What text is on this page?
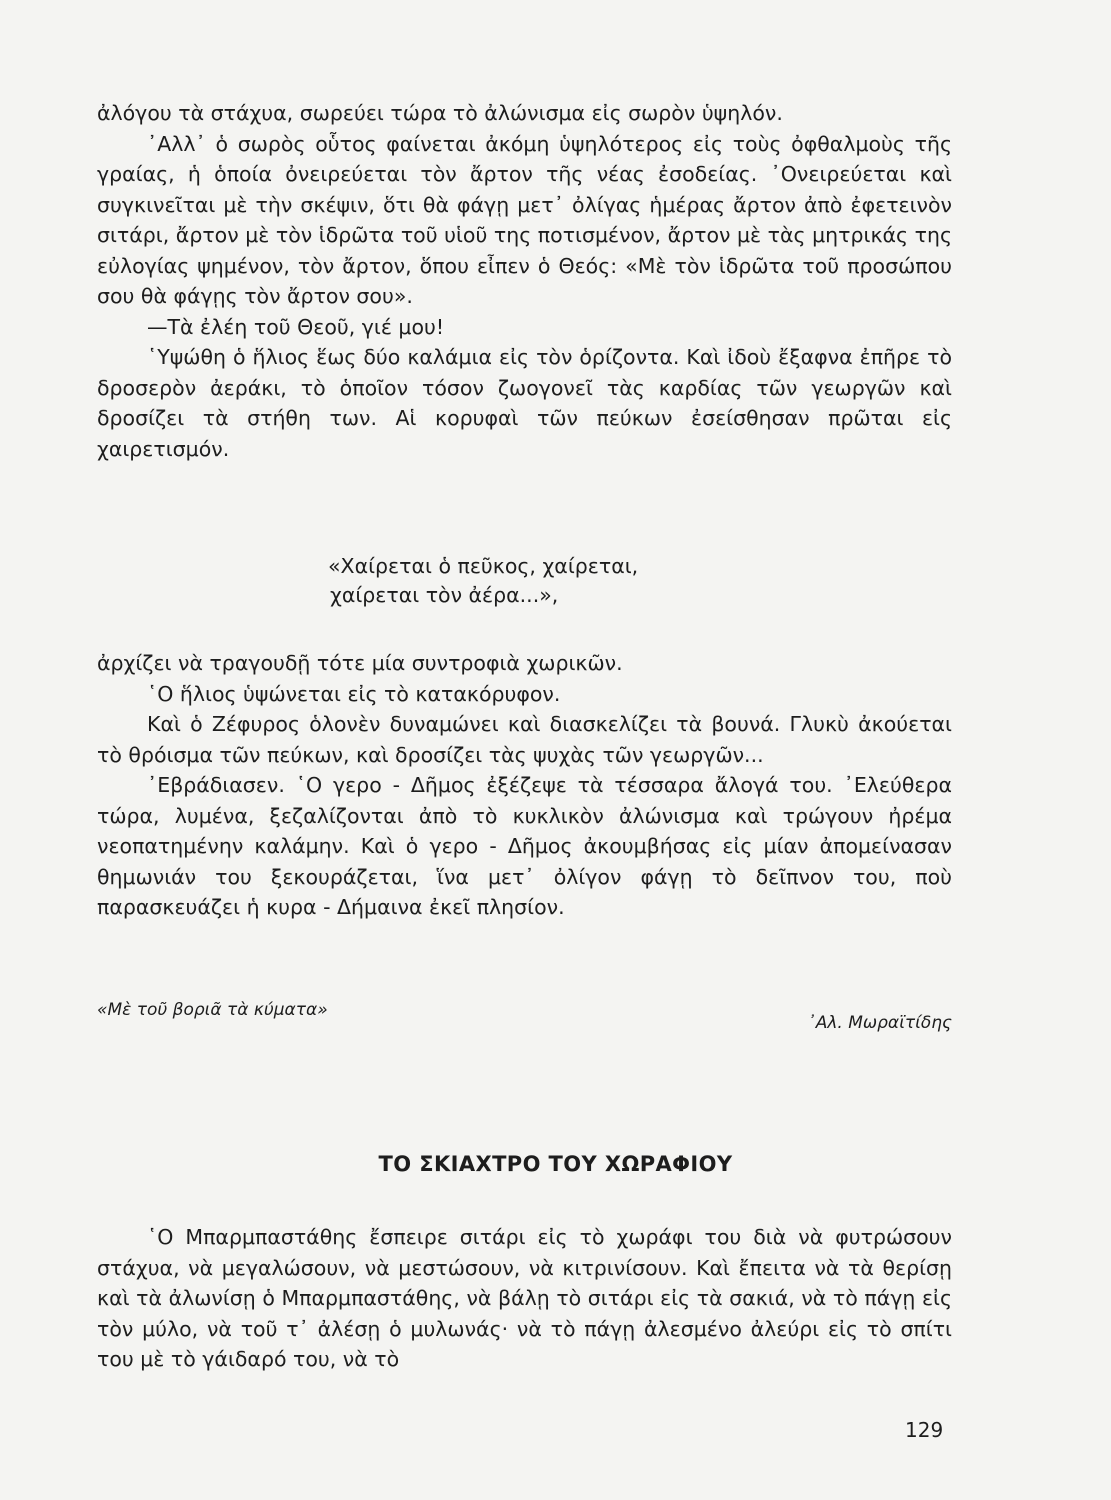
ἀλόγου τὰ στάχυα, σωρεύει τώρα τὸ ἀλώνισμα εἰς σωρὸν ὑψηλόν.

᾿Αλλ᾿ ὁ σωρὸς οὗτος φαίνεται ἀκόμη ὑψηλότερος εἰς τοὺς ὀφθαλμοὺς τῆς γραίας, ἡ ὁποία ὀνειρεύεται τὸν ἄρτον τῆς νέας ἐσοδείας. ᾿Ονειρεύεται καὶ συγκινεῖται μὲ τὴν σκέψιν, ὅτι θὰ φάγῃ μετ᾿ ὀλίγας ἡμέρας ἄρτον ἀπὸ ἐφετεινὸν σιτάρι, ἄρτον μὲ τὸν ἱδρῶτα τοῦ υἱοῦ της ποτισμένον, ἄρτον μὲ τὰς μητρικάς της εὐλογίας ψημένον, τὸν ἄρτον, ὅπου εἶπεν ὁ Θεός: «Μὲ τὸν ἱδρῶτα τοῦ προσώπου σου θὰ φάγῃς τὸν ἄρτον σου».

—Τὰ ἐλέη τοῦ Θεοῦ, γιέ μου!

῾Υψώθη ὁ ἥλιος ἕως δύο καλάμια εἰς τὸν ὁρίζοντα. Καὶ ἰδοὺ ἔξαφνα ἐπῆρε τὸ δροσερὸν ἀεράκι, τὸ ὁποῖον τόσον ζωογονεῖ τὰς καρδίας τῶν γεωργῶν καὶ δροσίζει τὰ στήθη των. Αἱ κορυφαὶ τῶν πεύκων ἐσείσθησαν πρῶται εἰς χαιρετισμόν.

«Χαίρεται ὁ πεῦκος, χαίρεται,

χαίρεται τὸν ἀέρα...»,

ἀρχίζει νὰ τραγουδῇ τότε μία συντροφιὰ χωρικῶν.

῾Ο ἥλιος ὑψώνεται εἰς τὸ κατακόρυφον.

Καὶ ὁ Ζέφυρος ὁλονὲν δυναμώνει καὶ διασκελίζει τὰ βουνά. Γλυκὺ ἀκούεται τὸ θρόισμα τῶν πεύκων, καὶ δροσίζει τὰς ψυχὰς τῶν γεωργῶν...

᾿Εβράδιασεν. ῾Ο γερο - Δῆμος ἐξέζεψε τὰ τέσσαρα ἄλογά του. ᾿Ελεύθερα τώρα, λυμένα, ξεζαλίζονται ἀπὸ τὸ κυκλικὸν ἀλώνισμα καὶ τρώγουν ἠρέμα νεοπατημένην καλάμην. Καὶ ὁ γερο - Δῆμος ἀκουμβήσας εἰς μίαν ἀπομείνασαν θημωνιάν του ξεκουράζεται, ἵνα μετ᾿ ὀλίγον φάγῃ τὸ δεῖπνον του, ποὺ παρασκευάζει ἡ κυρα - Δήμαινα ἐκεῖ πλησίον.

«Μὲ τοῦ βοριᾶ τὰ κύματα»
᾿Αλ. Μωραϊτίδης
ΤΟ ΣΚΙΑΧΤΡΟ ΤΟΥ ΧΩΡΑΦΙΟΥ

῾Ο Μπαρμπαστάθης ἔσπειρε σιτάρι εἰς τὸ χωράφι του διὰ νὰ φυτρώσουν στάχυα, νὰ μεγαλώσουν, νὰ μεστώσουν, νὰ κιτρινίσουν. Καὶ ἔπειτα νὰ τὰ θερίσῃ καὶ τὰ ἀλωνίσῃ ὁ Μπαρμπαστάθης, νὰ βάλῃ τὸ σιτάρι εἰς τὰ σακιά, νὰ τὸ πάγῃ εἰς τὸν μύλο, νὰ τοῦ τ᾿ ἀλέσῃ ὁ μυλωνάς· νὰ τὸ πάγῃ ἀλεσμένο ἀλεύρι εἰς τὸ σπίτι του μὲ τὸ γάιδαρό του, νὰ τὸ

129
